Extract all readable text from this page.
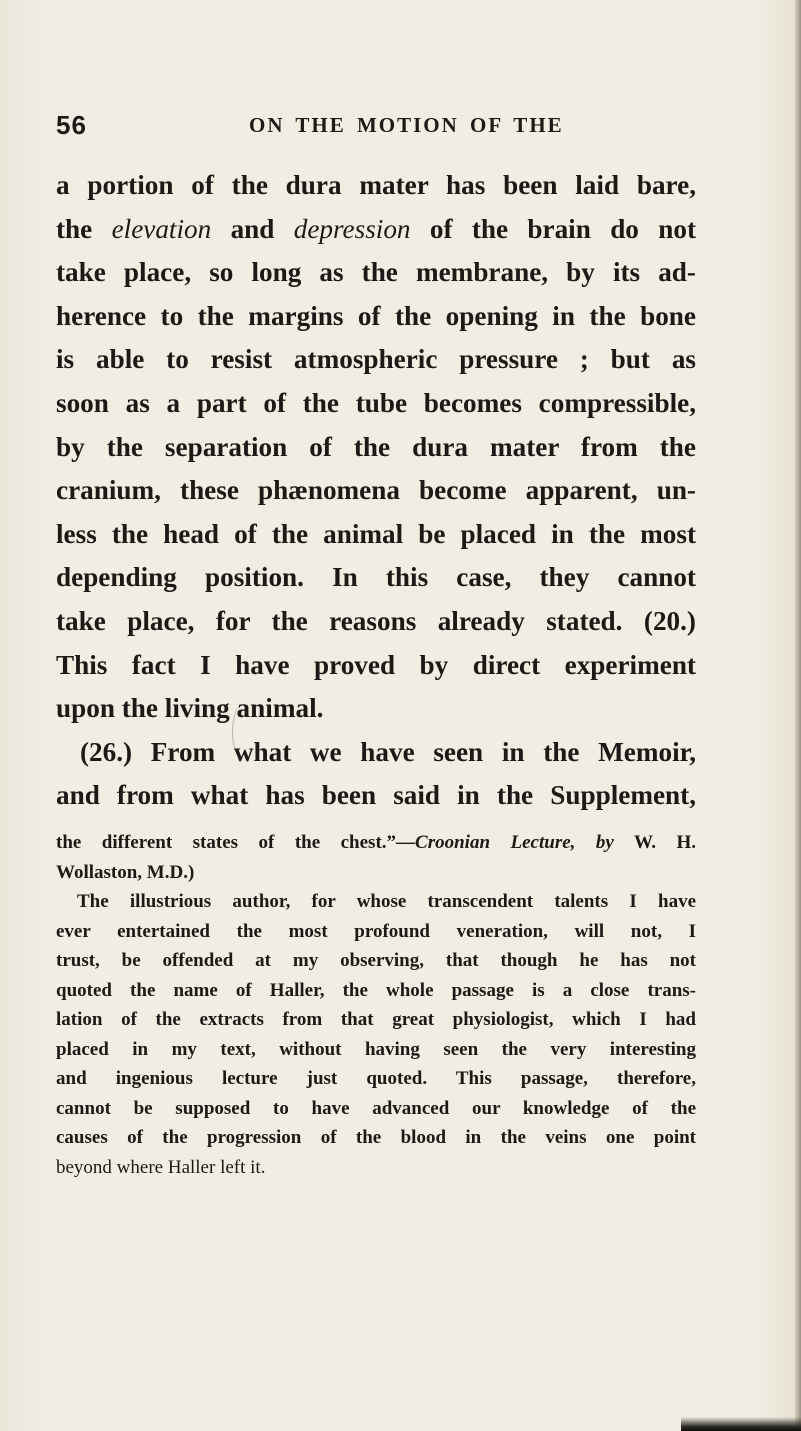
56	ON THE MOTION OF THE
a portion of the dura mater has been laid bare,
the elevation and depression of the brain do not
take place, so long as the membrane, by its ad-
herence to the margins of the opening in the bone
is able to resist atmospheric pressure ; but as
soon as a part of the tube becomes compressible,
by the separation of the dura mater from the
cranium, these phænomena become apparent, un-
less the head of the animal be placed in the most
depending position. In this case, they cannot
take place, for the reasons already stated. (20.)
This fact I have proved by direct experiment
upon the living animal.
(26.) From what we have seen in the Memoir,
and from what has been said in the Supplement,
the different states of the chest.”—Croonian Lecture, by W. H.
Wollaston, M.D.)
The illustrious author, for whose transcendent talents I have
ever entertained the most profound veneration, will not, I
trust, be offended at my observing, that though he has not
quoted the name of Haller, the whole passage is a close trans-
lation of the extracts from that great physiologist, which I had
placed in my text, without having seen the very interesting
and ingenious lecture just quoted. This passage, therefore,
cannot be supposed to have advanced our knowledge of the
causes of the progression of the blood in the veins one point
beyond where Haller left it.
